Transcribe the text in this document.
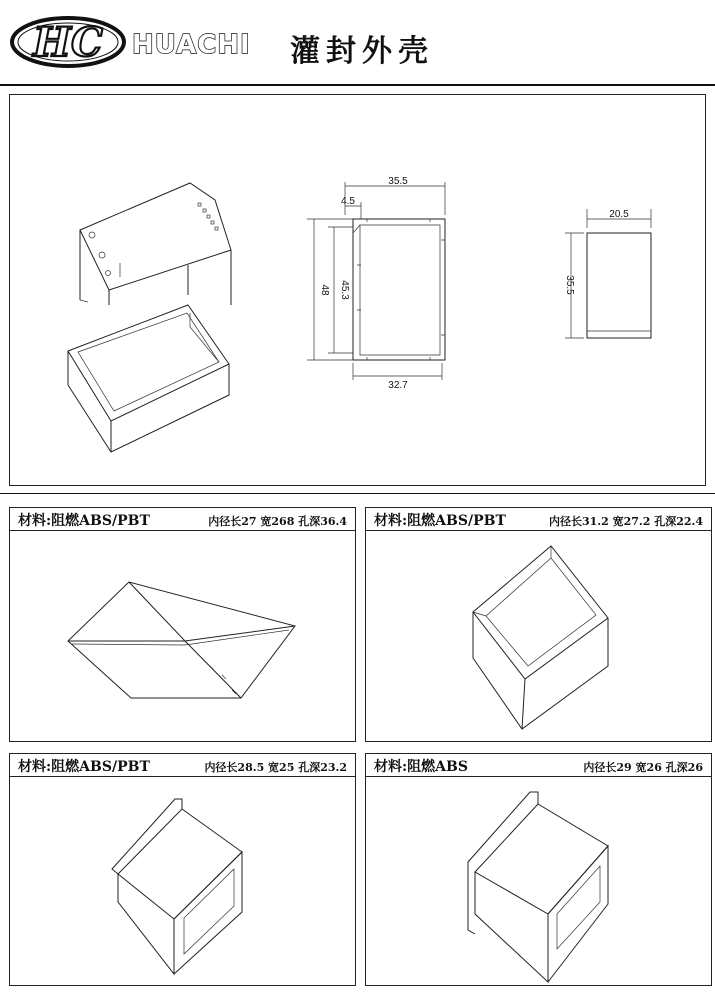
HC HUACHI 灌封外壳
35.5
4.5
48 45.3
32.7
20.5
35.5
材料:阻燃ABS/PBT	内径长27 宽268 孔深36.4 材料:阻燃ABS/PBT	内径长31.2 宽27.2 孔深22.4
材料:阻燃ABS/PBT	内径长28.5 宽25 孔深23.2 材料:阻燃ABS	内径长29 宽26 孔深26
